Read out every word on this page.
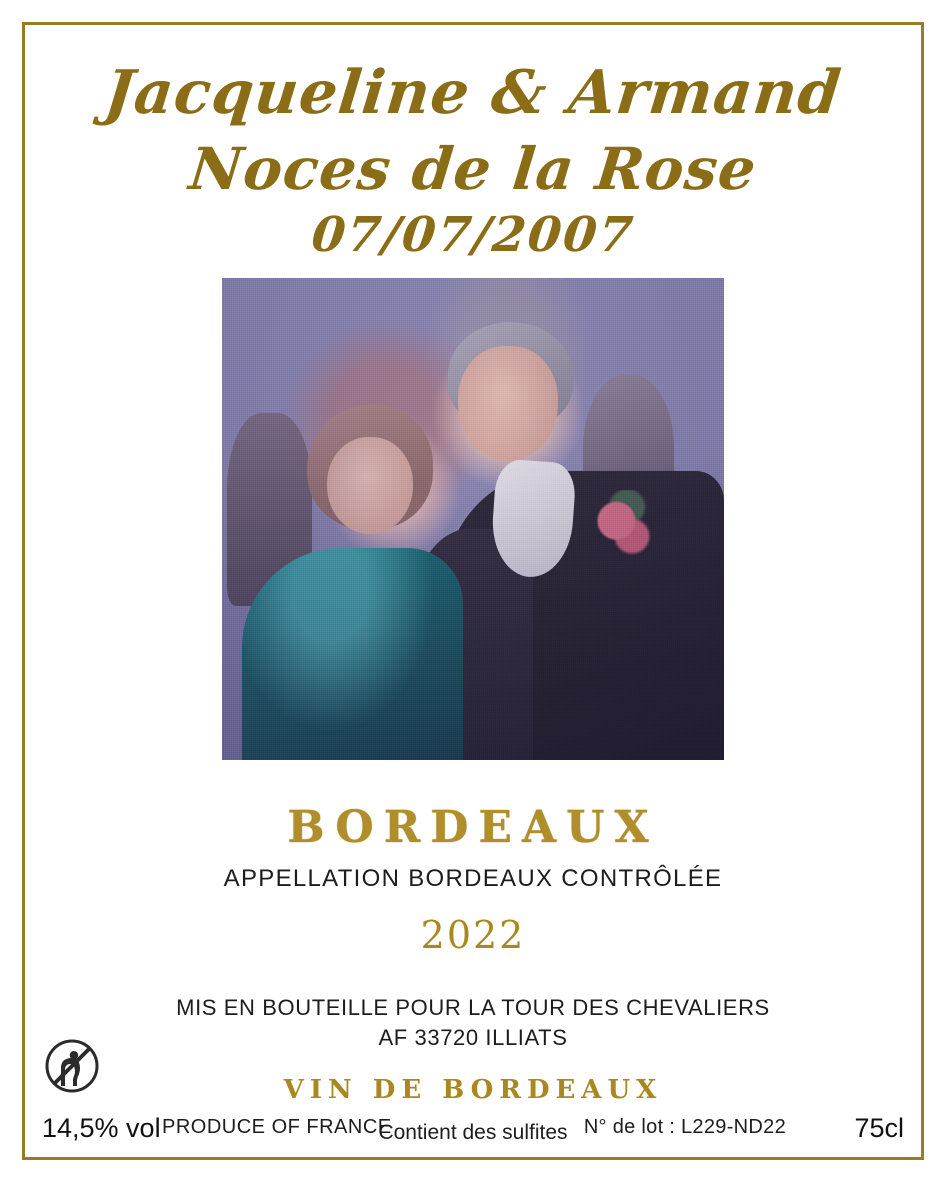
Jacqueline & Armand
Noces de la Rose
07/07/2007
BORDEAUX
APPELLATION BORDEAUX CONTRÔLÉE
2022
MIS EN BOUTEILLE POUR LA TOUR DES CHEVALIERS
AF 33720 ILLIATS
VIN DE BORDEAUX
Contient des sulfites
14,5% vol PRODUCE OF FRANCE	N° de lot : L229-ND22	75cl
